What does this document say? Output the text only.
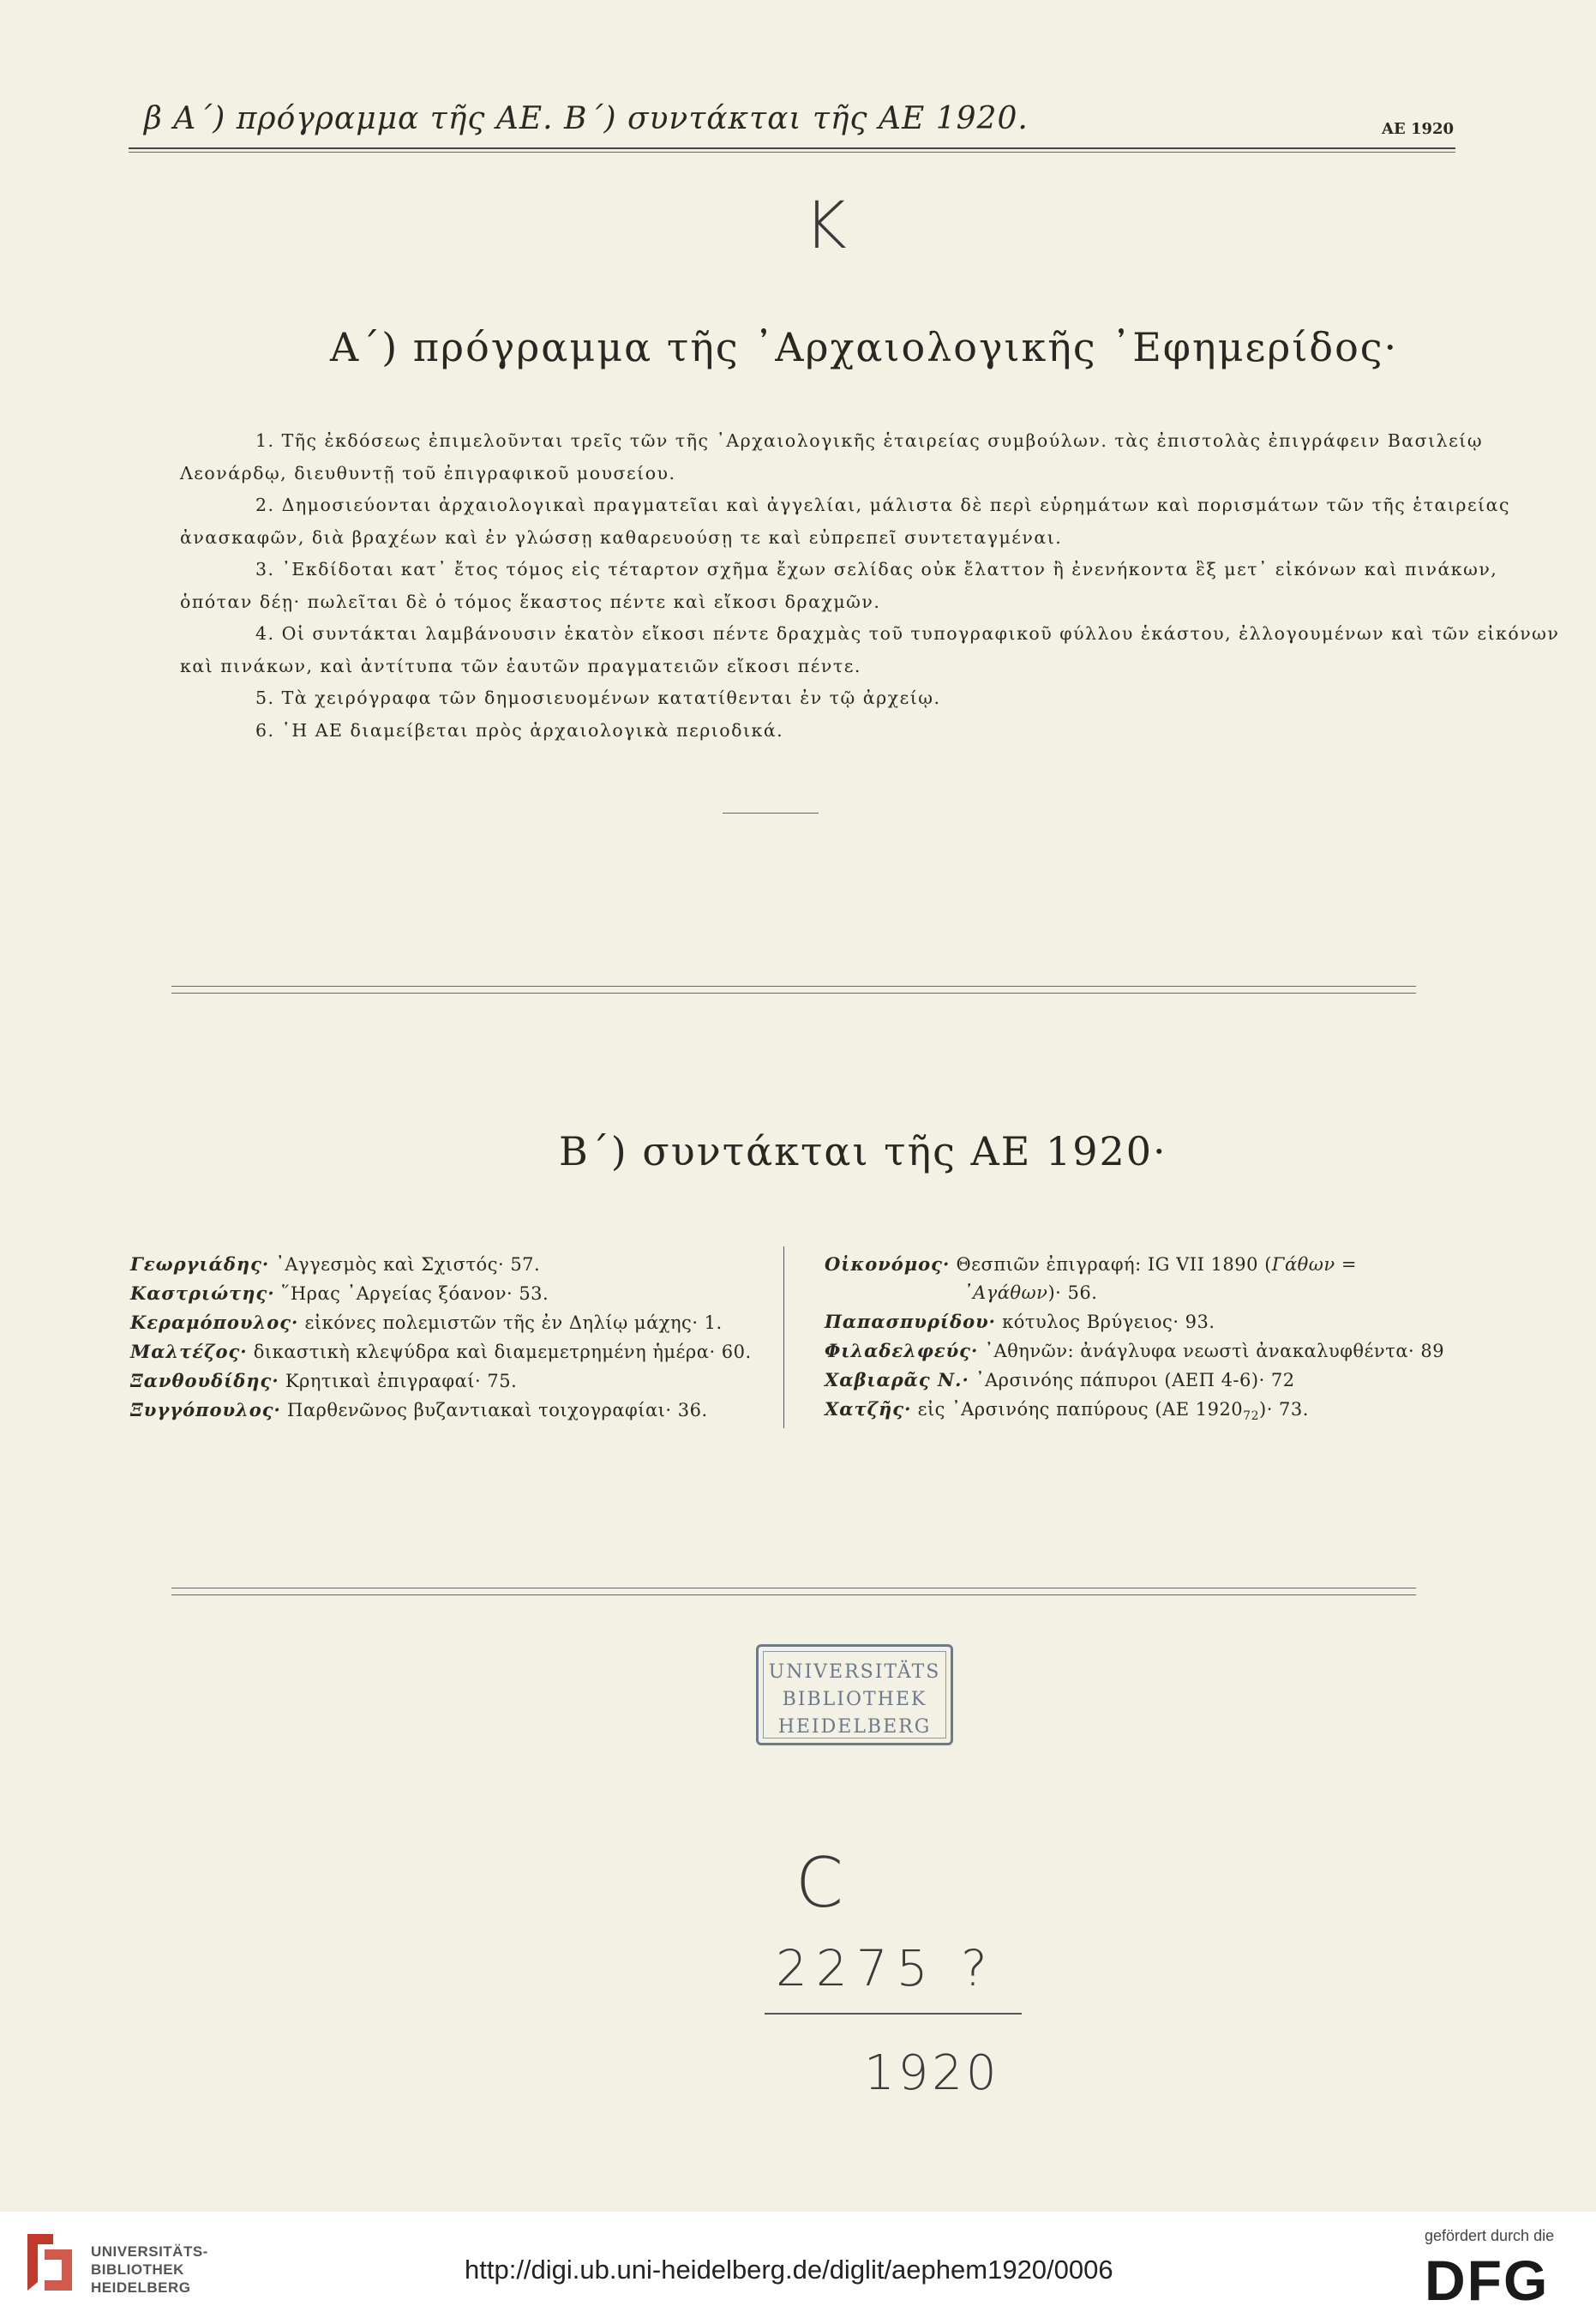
β Α΄) πρόγραμμα τῆς ΑΕ. Β΄) συντάκται τῆς ΑΕ 1920.	ΑΕ 1920
K
Α΄) πρόγραμμα τῆς ᾿Αρχαιολογικῆς ᾿Εφημερίδος·

1. Τῆς ἐκδόσεως ἐπιμελοῦνται τρεῖς τῶν τῆς ᾿Αρχαιολογικῆς ἑταιρείας συμβούλων. τὰς ἐπιστολὰς ἐπιγράφειν Βασιλείῳ

Λεονάρδῳ, διευθυντῇ τοῦ ἐπιγραφικοῦ μουσείου.

2. Δημοσιεύονται ἀρχαιολογικαὶ πραγματεῖαι καὶ ἀγγελίαι, μάλιστα δὲ περὶ εὑρημάτων καὶ πορισμάτων τῶν τῆς ἑταιρείας

ἀνασκαφῶν, διὰ βραχέων καὶ ἐν γλώσσῃ καθαρευούσῃ τε καὶ εὐπρεπεῖ συντεταγμέναι.

3. ᾿Εκδίδοται κατ᾿ ἔτος τόμος εἰς τέταρτον σχῆμα ἔχων σελίδας οὐκ ἔλαττον ἢ ἐνενήκοντα ἓξ μετ᾿ εἰκόνων καὶ πινάκων,

ὁπόταν δέῃ· πωλεῖται δὲ ὁ τόμος ἕκαστος πέντε καὶ εἴκοσι δραχμῶν.

4. Οἱ συντάκται λαμβάνουσιν ἑκατὸν εἴκοσι πέντε δραχμὰς τοῦ τυπογραφικοῦ φύλλου ἑκάστου, ἐλλογουμένων καὶ τῶν εἰκόνων

καὶ πινάκων, καὶ ἀντίτυπα τῶν ἑαυτῶν πραγματειῶν εἴκοσι πέντε.

5. Τὰ χειρόγραφα τῶν δημοσιευομένων κατατίθενται ἐν τῷ ἀρχείῳ.

6. ῾Η ΑΕ διαμείβεται πρὸς ἀρχαιολογικὰ περιοδικά.

Β΄) συντάκται τῆς ΑΕ 1920·

Γεωργιάδης· ᾿Αγγεσμὸς καὶ Σχιστός· 57.

Καστριώτης· ῞Ηρας ᾿Αργείας ξόανον· 53.

Κεραμόπουλος· εἰκόνες πολεμιστῶν τῆς ἐν Δηλίῳ μάχης· 1.

Μαλτέζος· δικαστικὴ κλεψύδρα καὶ διαμεμετρημένη ἡμέρα· 60.

Ξανθουδίδης· Κρητικαὶ ἐπιγραφαί· 75.

Ξυγγόπουλος· Παρθενῶνος βυζαντιακαὶ τοιχογραφίαι· 36.

Οἰκονόμος· Θεσπιῶν ἐπιγραφή: IG VII 1890 (Γάθων =

᾿Αγάθων)· 56.

Παπασπυρίδου· κότυλος Βρύγειος· 93.

Φιλαδελφεύς· ᾿Αθηνῶν: ἀνάγλυφα νεωστὶ ἀνακαλυφθέντα· 89

Χαβιαρᾶς Ν.· ᾿Αρσινόης πάπυροι (ΑΕΠ 4-6)· 72

Χατζῆς· εἰς ᾿Αρσινόης παπύρους (ΑΕ $1920_{72})\cdot 73$.

UNIVERSITÄTS
BIBLIOTHEK
HEIDELBERG
C
2275 ?
1920
UNIVERSITÄTS-
BIBLIOTHEK
HEIDELBERG
http://digi.ub.uni-heidelberg.de/diglit/aephem1920/0006
gefördert durch die
DFG
